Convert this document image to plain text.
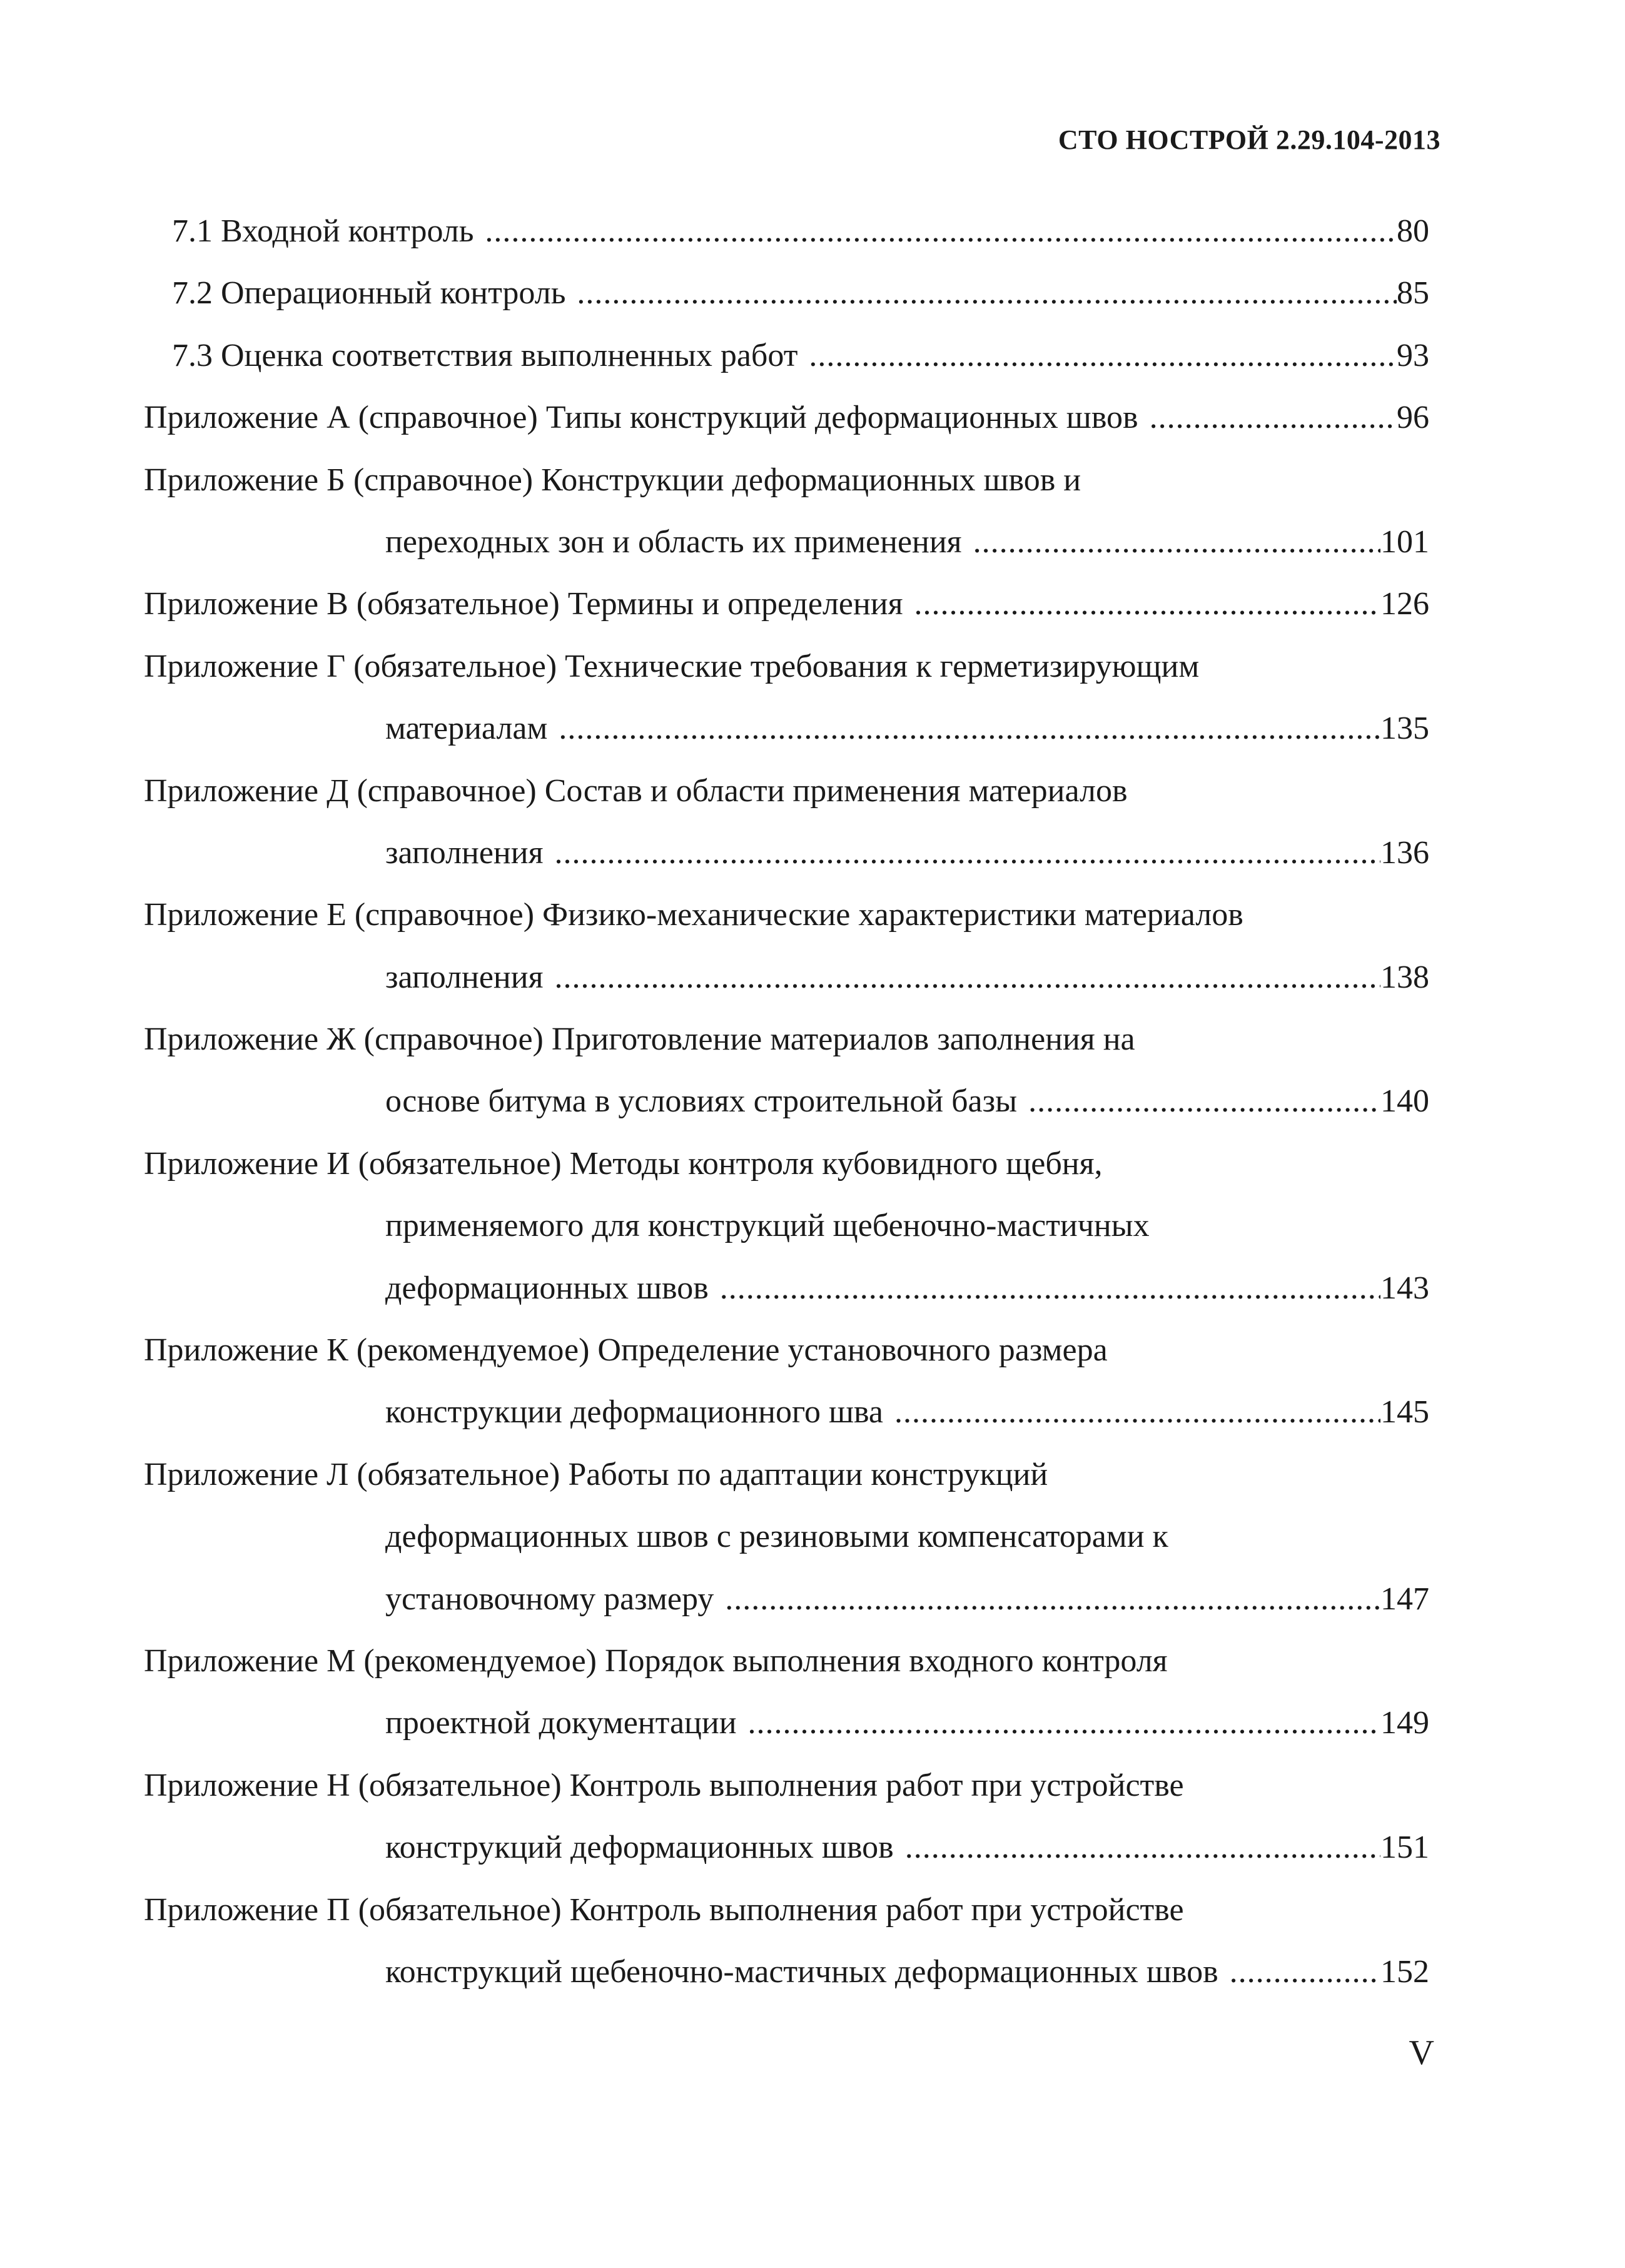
СТО НОСТРОЙ 2.29.104-2013
7.1 Входной контроль .....	80
7.2 Операционный контроль .....	85
7.3 Оценка соответствия выполненных работ .....	93
Приложение А (справочное) Типы конструкций деформационных швов .....	96
Приложение Б (справочное) Конструкции деформационных швов и
переходных зон и область их применения .....	101
Приложение В (обязательное) Термины и определения .....	126
Приложение Г (обязательное) Технические требования к герметизирующим
материалам .....	135
Приложение Д (справочное) Состав и области применения материалов
заполнения .....	136
Приложение Е (справочное) Физико-механические характеристики материалов
заполнения .....	138
Приложение Ж (справочное) Приготовление материалов заполнения на
основе битума в условиях строительной базы .....	140
Приложение И (обязательное) Методы контроля кубовидного щебня,
применяемого для конструкций щебеночно-мастичных
деформационных швов .....	143
Приложение К (рекомендуемое) Определение установочного размера
конструкции деформационного шва .....	145
Приложение Л (обязательное) Работы по адаптации конструкций
деформационных швов с резиновыми компенсаторами к
установочному размеру .....	147
Приложение М (рекомендуемое) Порядок выполнения входного контроля
проектной документации .....	149
Приложение Н (обязательное) Контроль выполнения работ при устройстве
конструкций деформационных швов .....	151
Приложение П (обязательное) Контроль выполнения работ при устройстве
конструкций щебеночно-мастичных деформационных швов .....	152
V
